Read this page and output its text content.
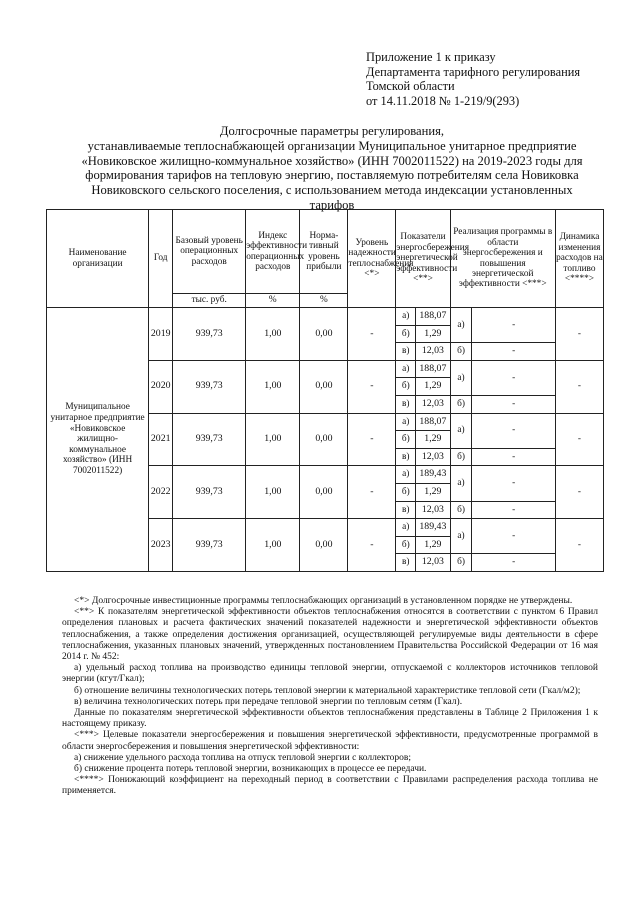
Приложение 1 к приказу
Департамента тарифного регулирования
Томской области
от 14.11.2018 № 1-219/9(293)
Долгосрочные параметры регулирования,
устанавливаемые теплоснабжающей организации Муниципальное унитарное предприятие
«Новиковское жилищно-коммунальное хозяйство» (ИНН 7002011522) на 2019-2023 годы для
формирования тарифов на тепловую энергию, поставляемую потребителям села Новиковка
Новиковского сельского поселения, с использованием метода индексации установленных
тарифов
Наименование организации	Год	Базовый уровень операционных расходов	Индекс эффективности операционных расходов	Норма-тивный уровень прибыли	Уровень надежности теплоснабжения <*>	Показатели энергосбережения энергетической эффективности <**>		Реализация программы в области энергосбережения и повышения энергетической эффективности <***>		Динамика изменения расходов на топливо <****>
		тыс. руб.	%	%						
Муниципальное унитарное предприятие «Новиковское жилищно-коммунальное хозяйство» (ИНН 7002011522)	2019	939,73	1,00	0,00	-	а)	188,07	а)	-	-
						б)	1,29			
						в)	12,03	б)	-	
	2020	939,73	1,00	0,00	-	а)	188,07	а)	-	-
						б)	1,29			
						в)	12,03	б)	-	
	2021	939,73	1,00	0,00	-	а)	188,07	а)	-	-
						б)	1,29			
						в)	12,03	б)	-	
	2022	939,73	1,00	0,00	-	а)	189,43	а)	-	-
						б)	1,29			
						в)	12,03	б)	-	
	2023	939,73	1,00	0,00	-	а)	189,43	а)	-	-
						б)	1,29			
						в)	12,03	б)	-	

<*> Долгосрочные инвестиционные программы теплоснабжающих организаций в установленном порядке не утверждены.

<**> К показателям энергетической эффективности объектов теплоснабжения относятся в соответствии с пунктом 6 Правил определения плановых и расчета фактических значений показателей надежности и энергетической эффективности объектов теплоснабжения, а также определения достижения организацией, осуществляющей регулируемые виды деятельности в сфере теплоснабжения, указанных плановых значений, утвержденных постановлением Правительства Российской Федерации от 16 мая 2014 г. № 452:

а) удельный расход топлива на производство единицы тепловой энергии, отпускаемой с коллекторов источников тепловой энергии (кгут/Гкал);

б) отношение величины технологических потерь тепловой энергии к материальной характеристике тепловой сети (Гкал/м2);

в) величина технологических потерь при передаче тепловой энергии по тепловым сетям (Гкал).

Данные по показателям энергетической эффективности объектов теплоснабжения представлены в Таблице 2 Приложения 1 к настоящему приказу.

<***> Целевые показатели энергосбережения и повышения энергетической эффективности, предусмотренные программой в области энергосбережения и повышения энергетической эффективности:

а) снижение удельного расхода топлива на отпуск тепловой энергии с коллекторов;

б) снижение процента потерь тепловой энергии, возникающих в процессе ее передачи.

<****> Понижающий коэффициент на переходный период в соответствии с Правилами распределения расхода топлива не применяется.
